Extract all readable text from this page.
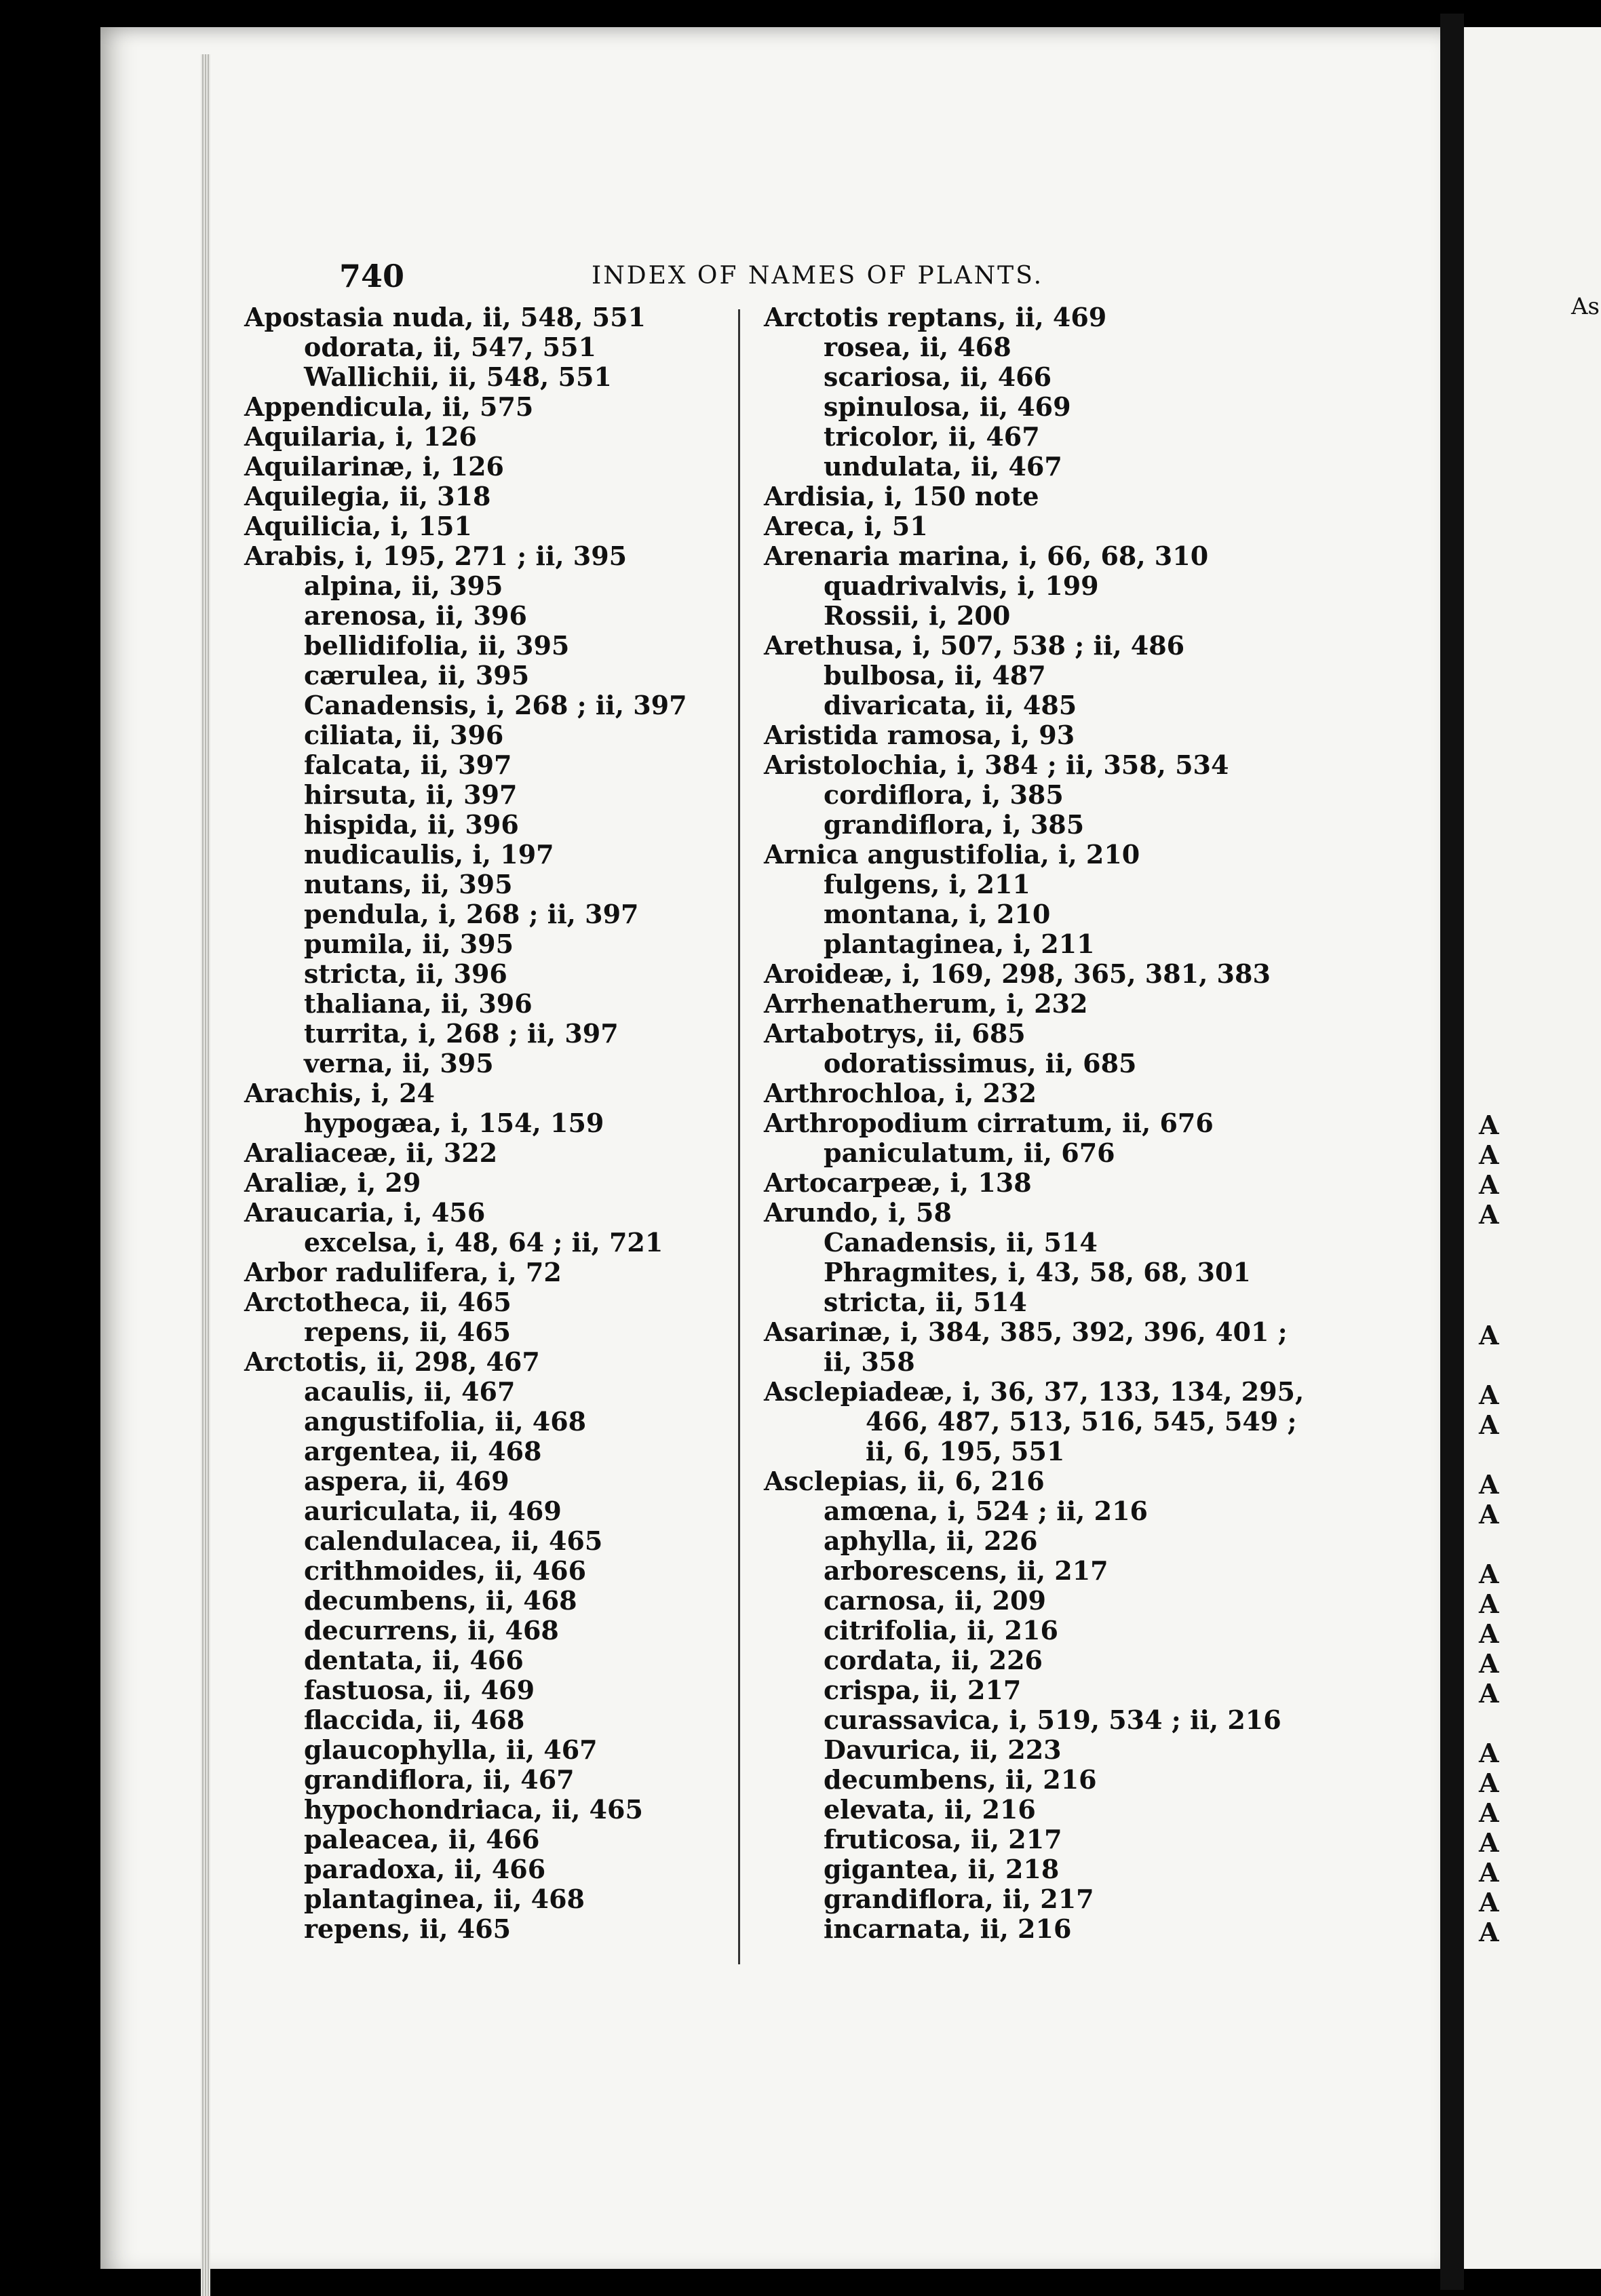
740	INDEX OF NAMES OF PLANTS.
Apostasia nuda, ii, 548, 551
odorata, ii, 547, 551
Wallichii, ii, 548, 551
Appendicula, ii, 575
Aquilaria, i, 126
Aquilarinæ, i, 126
Aquilegia, ii, 318
Aquilicia, i, 151
Arabis, i, 195, 271 ; ii, 395
alpina, ii, 395
arenosa, ii, 396
bellidifolia, ii, 395
cærulea, ii, 395
Canadensis, i, 268 ; ii, 397
ciliata, ii, 396
falcata, ii, 397
hirsuta, ii, 397
hispida, ii, 396
nudicaulis, i, 197
nutans, ii, 395
pendula, i, 268 ; ii, 397
pumila, ii, 395
stricta, ii, 396
thaliana, ii, 396
turrita, i, 268 ; ii, 397
verna, ii, 395
Arachis, i, 24
hypogæa, i, 154, 159
Araliaceæ, ii, 322
Araliæ, i, 29
Araucaria, i, 456
excelsa, i, 48, 64 ; ii, 721
Arbor radulifera, i, 72
Arctotheca, ii, 465
repens, ii, 465
Arctotis, ii, 298, 467
acaulis, ii, 467
angustifolia, ii, 468
argentea, ii, 468
aspera, ii, 469
auriculata, ii, 469
calendulacea, ii, 465
crithmoides, ii, 466
decumbens, ii, 468
decurrens, ii, 468
dentata, ii, 466
fastuosa, ii, 469
flaccida, ii, 468
glaucophylla, ii, 467
grandiflora, ii, 467
hypochondriaca, ii, 465
paleacea, ii, 466
paradoxa, ii, 466
plantaginea, ii, 468
repens, ii, 465
Arctotis reptans, ii, 469
rosea, ii, 468
scariosa, ii, 466
spinulosa, ii, 469
tricolor, ii, 467
undulata, ii, 467
Ardisia, i, 150 note
Areca, i, 51
Arenaria marina, i, 66, 68, 310
quadrivalvis, i, 199
Rossii, i, 200
Arethusa, i, 507, 538 ; ii, 486
bulbosa, ii, 487
divaricata, ii, 485
Aristida ramosa, i, 93
Aristolochia, i, 384 ; ii, 358, 534
cordiflora, i, 385
grandiflora, i, 385
Arnica angustifolia, i, 210
fulgens, i, 211
montana, i, 210
plantaginea, i, 211
Aroideæ, i, 169, 298, 365, 381, 383
Arrhenatherum, i, 232
Artabotrys, ii, 685
odoratissimus, ii, 685
Arthrochloa, i, 232
Arthropodium cirratum, ii, 676
paniculatum, ii, 676
Artocarpeæ, i, 138
Arundo, i, 58
Canadensis, ii, 514
Phragmites, i, 43, 58, 68, 301
stricta, ii, 514
Asarinæ, i, 384, 385, 392, 396, 401 ;
ii, 358
Asclepiadeæ, i, 36, 37, 133, 134, 295,
466, 487, 513, 516, 545, 549 ;
ii, 6, 195, 551
Asclepias, ii, 6, 216
amœna, i, 524 ; ii, 216
aphylla, ii, 226
arborescens, ii, 217
carnosa, ii, 209
citrifolia, ii, 216
cordata, ii, 226
crispa, ii, 217
curassavica, i, 519, 534 ; ii, 216
Davurica, ii, 223
decumbens, ii, 216
elevata, ii, 216
fruticosa, ii, 217
gigantea, ii, 218
grandiflora, ii, 217
incarnata, ii, 216
As
A
A
A
A
A
A
A
A
A
A
A
A
A
A
A
A
A
A
A
A
A
